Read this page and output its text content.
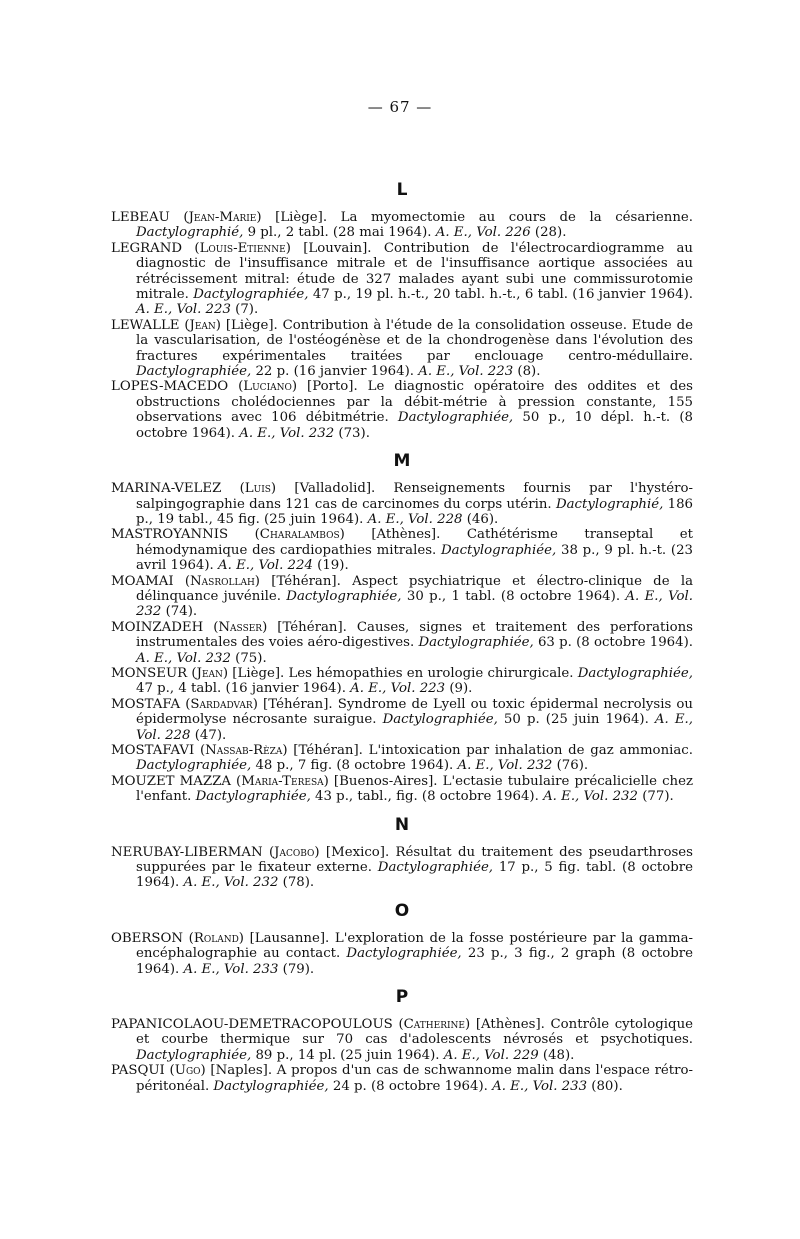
— 67 —
L
LEBEAU (Jean-Marie) [Liège]. La myomectomie au cours de la césarienne. Dactylographié, 9 pl., 2 tabl. (28 mai 1964). A. E., Vol. 226 (28).
LEGRAND (Louis-Etienne) [Louvain]. Contribution de l'électrocardiogramme au diagnostic de l'insuffisance mitrale et de l'insuffisance aortique associées au rétrécissement mitral: étude de 327 malades ayant subi une commissurotomie mitrale. Dactylographiée, 47 p., 19 pl. h.-t., 20 tabl. h.-t., 6 tabl. (16 janvier 1964). A. E., Vol. 223 (7).
LEWALLE (Jean) [Liège]. Contribution à l'étude de la consolidation osseuse. Etude de la vascularisation, de l'ostéogénèse et de la chondrogenèse dans l'évolution des fractures expérimentales traitées par enclouage centro-médullaire. Dactylographiée, 22 p. (16 janvier 1964). A. E., Vol. 223 (8).
LOPES-MACEDO (Luciano) [Porto]. Le diagnostic opératoire des oddites et des obstructions cholédociennes par la débit-métrie à pression constante, 155 observations avec 106 débitmétrie. Dactylographiée, 50 p., 10 dépl. h.-t. (8 octobre 1964). A. E., Vol. 232 (73).
M
MARINA-VELEZ (Luis) [Valladolid]. Renseignements fournis par l'hystéro-salpingographie dans 121 cas de carcinomes du corps utérin. Dactylographié, 186 p., 19 tabl., 45 fig. (25 juin 1964). A. E., Vol. 228 (46).
MASTROYANNIS (Charalambos) [Athènes]. Cathétérisme transeptal et hémodynamique des cardiopathies mitrales. Dactylographiée, 38 p., 9 pl. h.-t. (23 avril 1964). A. E., Vol. 224 (19).
MOAMAI (Nasrollah) [Téhéran]. Aspect psychiatrique et électro-clinique de la délinquance juvénile. Dactylographiée, 30 p., 1 tabl. (8 octobre 1964). A. E., Vol. 232 (74).
MOINZADEH (Nasser) [Téhéran]. Causes, signes et traitement des perforations instrumentales des voies aéro-digestives. Dactylographiée, 63 p. (8 octobre 1964). A. E., Vol. 232 (75).
MONSEUR (Jean) [Liège]. Les hémopathies en urologie chirurgicale. Dactylographiée, 47 p., 4 tabl. (16 janvier 1964). A. E., Vol. 223 (9).
MOSTAFA (Sardadvar) [Téhéran]. Syndrome de Lyell ou toxic épidermal necrolysis ou épidermolyse nécrosante suraigue. Dactylographiée, 50 p. (25 juin 1964). A. E., Vol. 228 (47).
MOSTAFAVI (Nassab-Rèza) [Téhéran]. L'intoxication par inhalation de gaz ammoniac. Dactylographiée, 48 p., 7 fig. (8 octobre 1964). A. E., Vol. 232 (76).
MOUZET MAZZA (Maria-Teresa) [Buenos-Aires]. L'ectasie tubulaire précalicielle chez l'enfant. Dactylographiée, 43 p., tabl., fig. (8 octobre 1964). A. E., Vol. 232 (77).
N
NERUBAY-LIBERMAN (Jacobo) [Mexico]. Résultat du traitement des pseudarthroses suppurées par le fixateur externe. Dactylographiée, 17 p., 5 fig. tabl. (8 octobre 1964). A. E., Vol. 232 (78).
O
OBERSON (Roland) [Lausanne]. L'exploration de la fosse postérieure par la gamma-encéphalographie au contact. Dactylographiée, 23 p., 3 fig., 2 graph (8 octobre 1964). A. E., Vol. 233 (79).
P
PAPANICOLAOU-DEMETRACOPOULOUS (Catherine) [Athènes]. Contrôle cytologique et courbe thermique sur 70 cas d'adolescents névrosés et psychotiques. Dactylographiée, 89 p., 14 pl. (25 juin 1964). A. E., Vol. 229 (48).
PASQUI (Ugo) [Naples]. A propos d'un cas de schwannome malin dans l'espace rétro-péritonéal. Dactylographiée, 24 p. (8 octobre 1964). A. E., Vol. 233 (80).
